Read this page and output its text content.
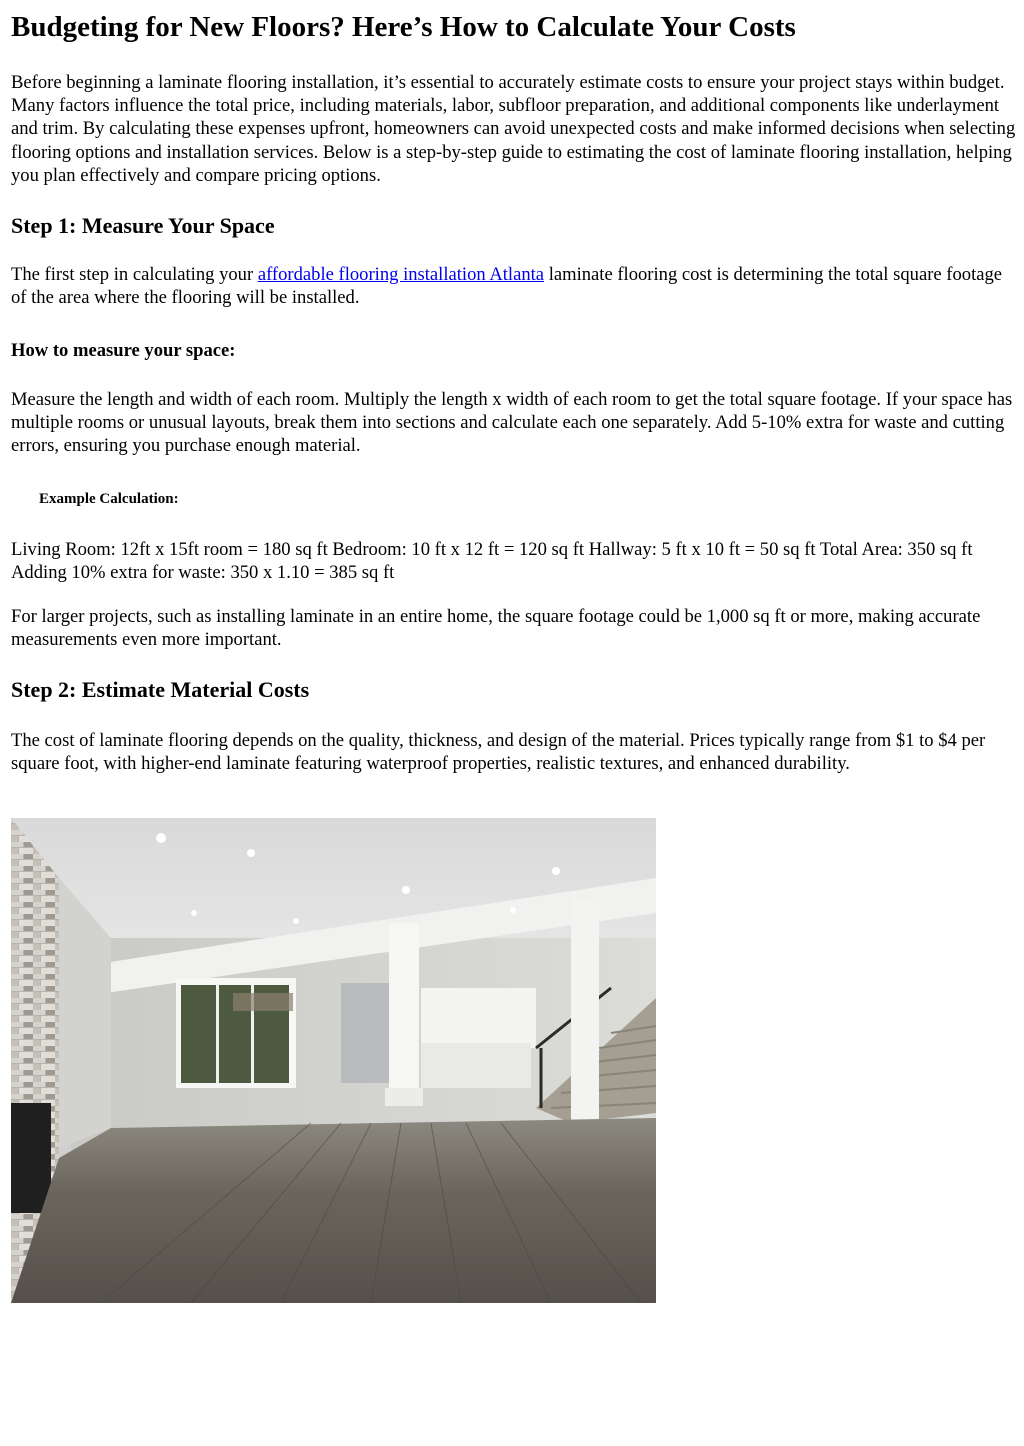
Budgeting for New Floors? Here’s How to Calculate Your Costs

Before beginning a laminate flooring installation, it’s essential to accurately estimate costs to ensure your project stays within budget. Many factors influence the total price, including materials, labor, subfloor preparation, and additional components like underlayment and trim. By calculating these expenses upfront, homeowners can avoid unexpected costs and make informed decisions when selecting flooring options and installation services. Below is a step-by-step guide to estimating the cost of laminate flooring installation, helping you plan effectively and compare pricing options.

Step 1: Measure Your Space

The first step in calculating your affordable flooring installation Atlanta laminate flooring cost is determining the total square footage of the area where the flooring will be installed.

How to measure your space:

Measure the length and width of each room. Multiply the length x width of each room to get the total square footage. If your space has multiple rooms or unusual layouts, break them into sections and calculate each one separately. Add 5-10% extra for waste and cutting errors, ensuring you purchase enough material.

Example Calculation:

Living Room: 12ft x 15ft room = 180 sq ft Bedroom: 10 ft x 12 ft = 120 sq ft Hallway: 5 ft x 10 ft = 50 sq ft Total Area: 350 sq ft Adding 10% extra for waste: 350 x 1.10 = 385 sq ft

For larger projects, such as installing laminate in an entire home, the square footage could be 1,000 sq ft or more, making accurate measurements even more important.

Step 2: Estimate Material Costs

The cost of laminate flooring depends on the quality, thickness, and design of the material. Prices typically range from $1 to $4 per square foot, with higher-end laminate featuring waterproof properties, realistic textures, and enhanced durability.
